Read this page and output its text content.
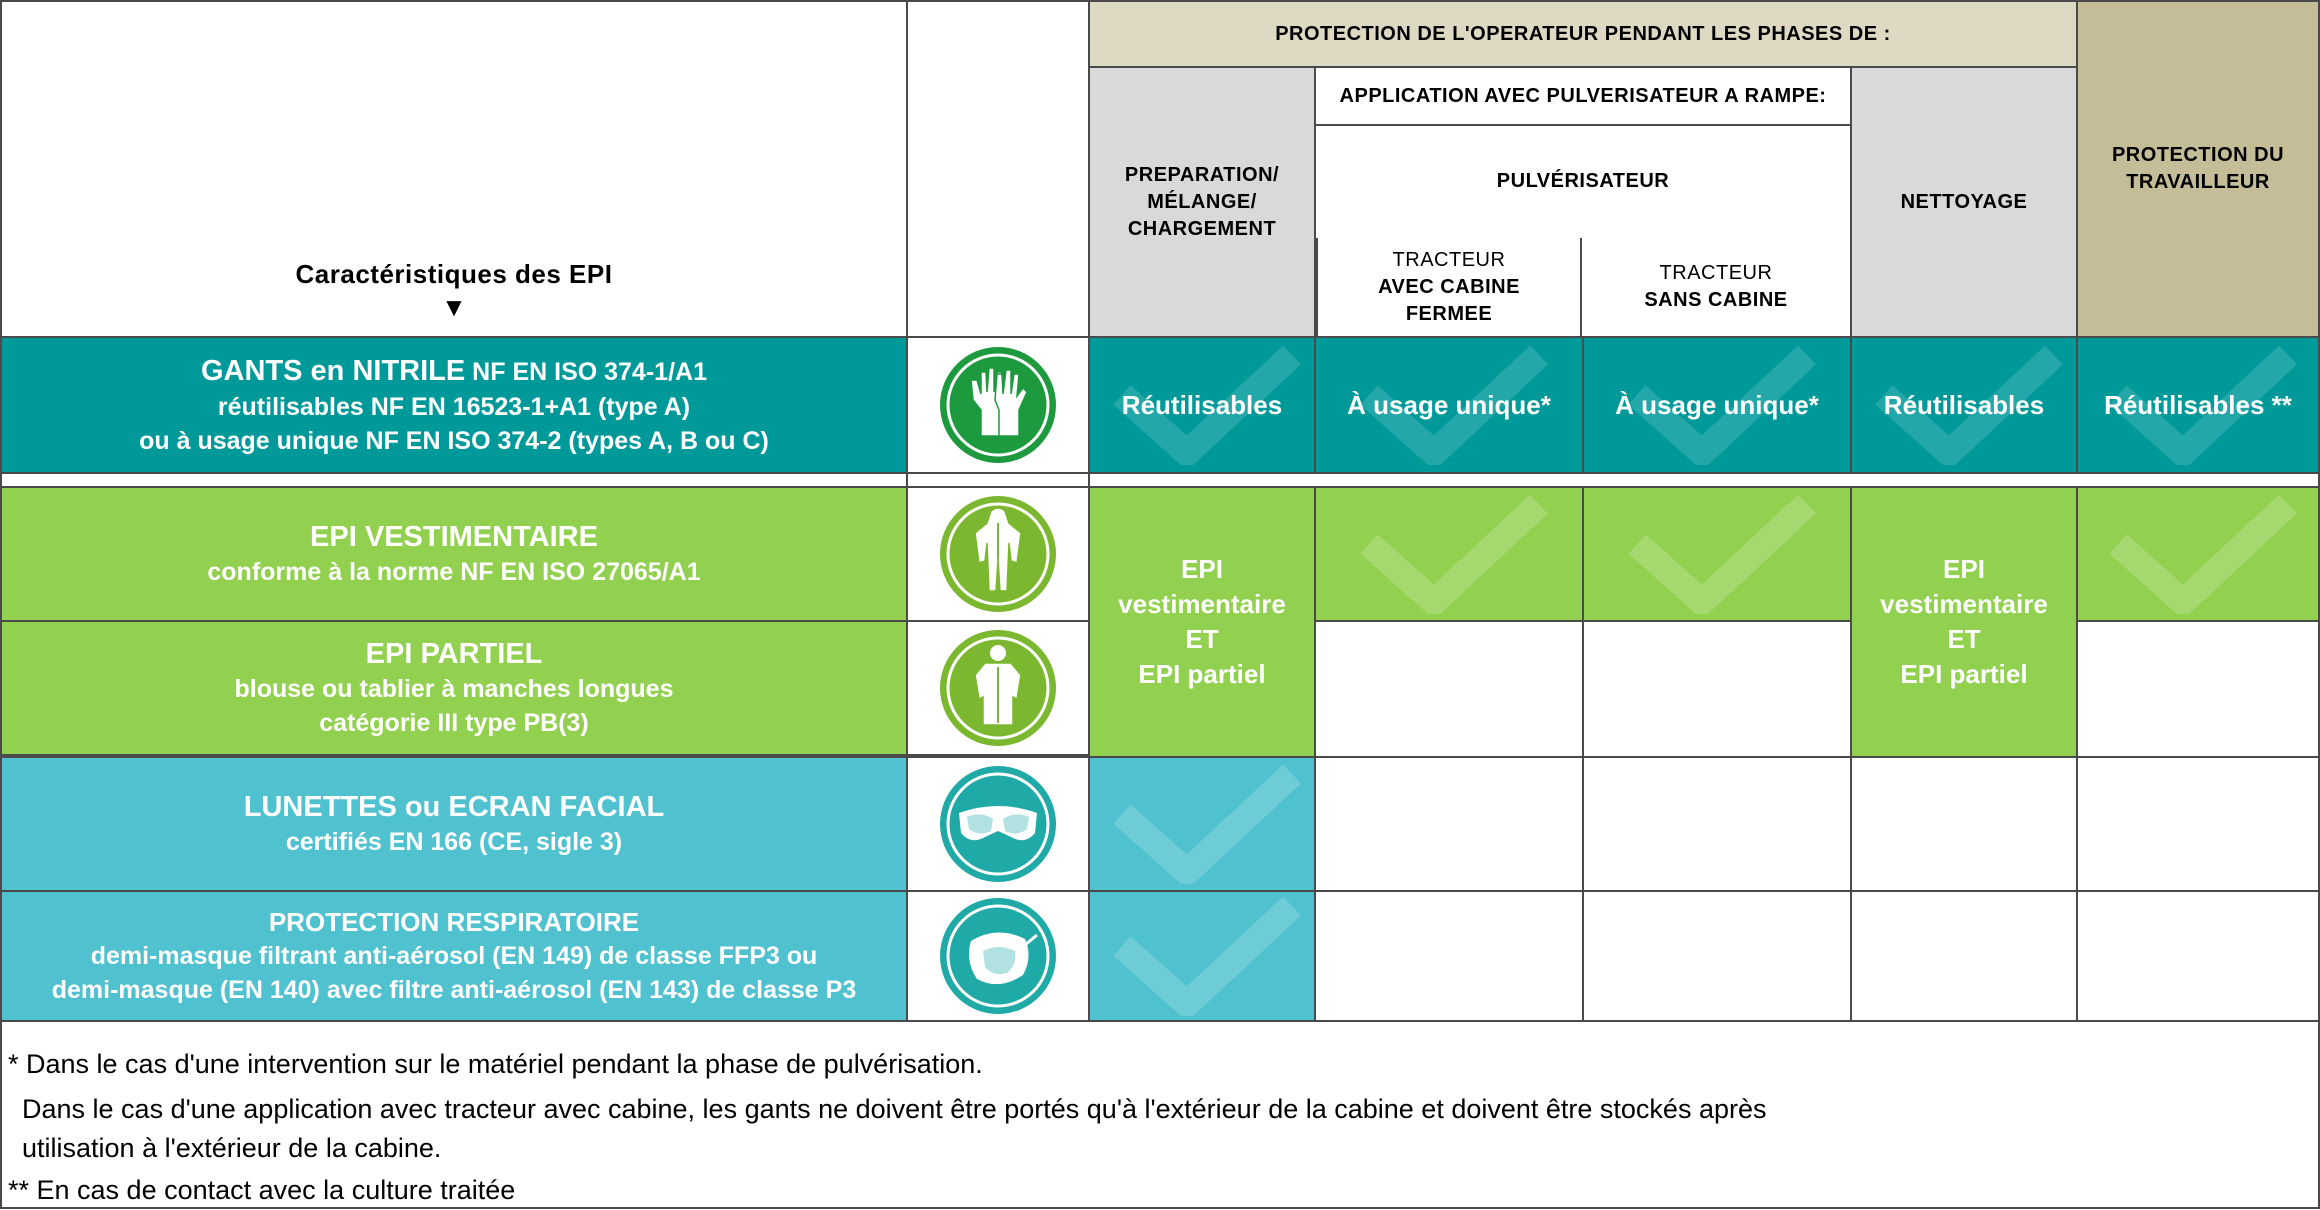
Caractéristiques des EPI
▼
PROTECTION DE L'OPERATEUR PENDANT LES PHASES DE :
PREPARATION/
MÉLANGE/
CHARGEMENT
APPLICATION AVEC PULVERISATEUR A RAMPE:
PULVÉRISATEUR
TRACTEUR
AVEC CABINE
FERMEE
TRACTEUR
SANS CABINE
NETTOYAGE
PROTECTION DU
TRAVAILLEUR
GANTS en NITRILE NF EN ISO 374-1/A1
réutilisables NF EN 16523-1+A1 (type A)
ou à usage unique NF EN ISO 374-2 (types A, B ou C)
Réutilisables À usage unique* À usage unique* Réutilisables Réutilisables **
EPI VESTIMENTAIRE
conforme à la norme NF EN ISO 27065/A1	EPI
vestimentaire
ET
EPI partiel
EPI
vestimentaire
ET
EPI partiel
EPI PARTIEL
blouse ou tablier à manches longues
catégorie III type PB(3)
LUNETTES ou ECRAN FACIAL
certifiés EN 166 (CE, sigle 3)
PROTECTION RESPIRATOIRE
demi-masque filtrant anti-aérosol (EN 149) de classe FFP3 ou
demi-masque (EN 140) avec filtre anti-aérosol (EN 143) de classe P3
* Dans le cas d'une intervention sur le matériel pendant la phase de pulvérisation.
Dans le cas d'une application avec tracteur avec cabine, les gants ne doivent être portés qu'à l'extérieur de la cabine et doivent être stockés après
utilisation à l'extérieur de la cabine.
** En cas de contact avec la culture traitée
